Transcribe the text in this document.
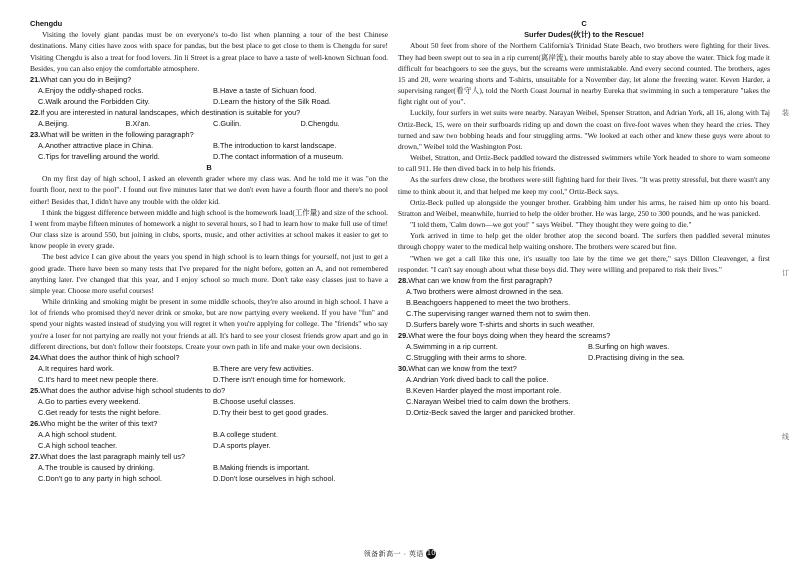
Chengdu

Visiting the lovely giant pandas must be on everyone's to-do list when planning a tour of the best Chinese destinations. Many cities have zoos with space for pandas, but the best place to get close to them is Chengdu for sure! Visiting Chengdu is also a treat for food lovers. Jin li Street is a great place to have a taste of well-known Sichuan food. Besides, you can also enjoy the comfortable atmosphere.

21.What can you do in Beijing?
A.Enjoy the oddly-shaped rocks.	B.Have a taste of Sichuan food.
C.Walk around the Forbidden City.	D.Learn the history of the Silk Road.
22.If you are interested in natural landscapes, which destination is suitable for you?
A.Beijing.	B.Xi'an.	C.Guilin.	D.Chengdu.
23.What will be written in the following paragraph?
A.Another attractive place in China.	B.The introduction to karst landscape.
C.Tips for travelling around the world.	D.The contact information of a museum.
B

On my first day of high school, I asked an eleventh grader where my class was. And he told me it was "on the fourth floor, next to the pool". I found out five minutes later that we don't even have a fourth floor and there's no pool either! Besides that, I didn't have any trouble with the older kid.

I think the biggest difference between middle and high school is the homework load(工作量) and size of the school. I went from maybe fifteen minutes of homework a night to several hours, so I had to learn how to make full use of time! Our class size is around 550, but joining in clubs, sports, music, and other activities at school makes it easier to get to know people in every grade.

The best advice I can give about the years you spend in high school is to learn things for yourself, not just to get a good grade. There have been so many tests that I've prepared for the night before, gotten an A, and not remembered anything later. I've changed that this year, and I enjoy school so much more. Don't take easy classes just to have a simple year. Choose more useful courses!

While drinking and smoking might be present in some middle schools, they're also around in high school. I have a lot of friends who promised they'd never drink or smoke, but are now partying every weekend. If you have "fun" and spend your nights wasted instead of studying you will regret it when you're applying for college. The "friends" who say you're a loser for not partying are really not your friends at all. It's hard to see your closest friends grow apart and go in different directions, but don't follow their footsteps. Create your own path in life and make your own decisions.

24.What does the author think of high school?
A.It requires hard work.	B.There are very few activities.
C.It's hard to meet new people there.	D.There isn't enough time for homework.
25.What does the author advise high school students to do?
A.Go to parties every weekend.	B.Choose useful classes.
C.Get ready for tests the night before.	D.Try their best to get good grades.
26.Who might be the writer of this text?
A.A high school student.	B.A college student.
C.A high school teacher.	D.A sports player.
27.What does the last paragraph mainly tell us?
A.The trouble is caused by drinking.	B.Making friends is important.
C.Don't go to any party in high school.	D.Don't lose ourselves in high school.
C
Surfer Dudes(伙计) to the Rescue!

About 50 feet from shore of the Northern California's Trinidad State Beach, two brothers were fighting for their lives. They had been swept out to sea in a rip current(离岸流), their mouths barely able to stay above the water. Thick fog made it difficult for beachgoers to see the guys, but the screams were unmistakable. And every second counted. The brothers, ages 15 and 20, were wearing shorts and T-shirts, unsuitable for a November day, let alone the freezing water. Keven Harder, a supervising ranger(看守人), told the North Coast Journal in nearby Eureka that swimming in such a temperature "takes the fight right out of you".

Luckily, four surfers in wet suits were nearby. Narayan Weibel, Spenser Stratton, and Adrian York, all 16, along with Taj Ortiz-Beck, 15, were on their surfboards riding up and down the coast on five-foot waves when they heard the cries. They turned and saw two bobbing heads and four struggling arms. "We looked at each other and knew these guys were about to drown," Weibel told the Washington Post.

Weibel, Stratton, and Ortiz-Beck paddled toward the distressed swimmers while York headed to shore to warn someone to call 911. He then dived back in to help his friends.

As the surfers drew close, the brothers were still fighting hard for their lives. "It was pretty stressful, but there wasn't any time to think about it, and that helped me keep my cool," Ortiz-Beck says.

Ortiz-Beck pulled up alongside the younger brother. Grabbing him under his arms, he raised him up onto his board. Stratton and Weibel, meanwhile, hurried to help the older brother. He was large, 250 to 300 pounds, and he was panicked.

"I told them, 'Calm down—we got you!' " says Weibel. "They thought they were going to die."

York arrived in time to help get the older brother atop the second board. The surfers then paddled several minutes through choppy water to the medical help waiting onshore. The brothers were scared but fine.

"When we get a call like this one, it's usually too late by the time we get there," says Dillon Cleavenger, a first responder. "I can't say enough about what these boys did. They were willing and prepared to risk their lives."

28.What can we know from the first paragraph?
A.Two brothers were almost drowned in the sea.
B.Beachgoers happened to meet the two brothers.
C.The supervising ranger warned them not to swim then.
D.Surfers barely wore T-shirts and shorts in such weather.
29.What were the four boys doing when they heard the screams?
A.Swimming in a rip current.	B.Surfing on high waves.
C.Struggling with their arms to shore.	D.Practising diving in the sea.
30.What can we know from the text?
A.Andrian York dived back to call the police.
B.Keven Harder played the most important role.
C.Narayan Weibel tried to calm down the brothers.
D.Ortiz-Beck saved the larger and panicked brother.
装
订
线
领备新高一 · 英语 10
